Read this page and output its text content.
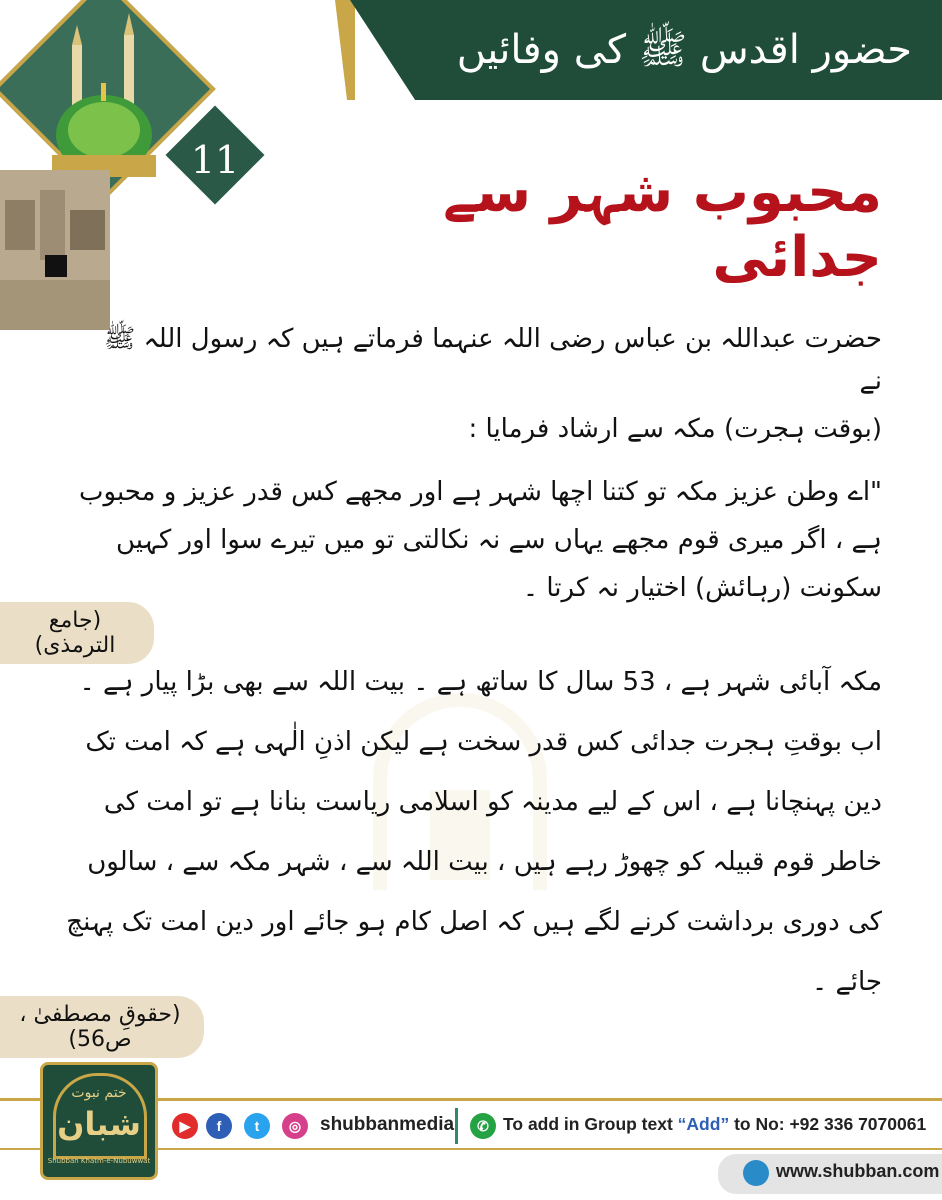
حضور اقدس ﷺ کی وفائیں
11	محبوب شہر سے جدائی
حضرت عبداللہ بن عباس رضی اللہ عنہما فرماتے ہیں کہ رسول اللہ ﷺ نے
(بوقت ہجرت) مکہ سے ارشاد فرمایا :
"اے وطن عزیز مکہ تو کتنا اچھا شہر ہے اور مجھے کس قدر عزیز و محبوب ہے ، اگر میری قوم مجھے یہاں سے نہ نکالتی تو میں تیرے سوا اور کہیں سکونت (رہائش) اختیار نہ کرتا ۔
(جامع الترمذی)
مکہ آبائی شہر ہے ، 53 سال کا ساتھ ہے ۔ بیت اللہ سے بھی بڑا پیار ہے ۔ اب بوقتِ ہجرت جدائی کس قدر سخت ہے لیکن اذنِ الٰہی ہے کہ امت تک دین پہنچانا ہے ، اس کے لیے مدینہ کو اسلامی ریاست بنانا ہے تو امت کی خاطر قوم قبیلہ کو چھوڑ رہے ہیں ، بیت اللہ سے ، شہر مکہ سے ، سالوں کی دوری برداشت کرنے لگے ہیں کہ اصل کام ہو جائے اور دین امت تک پہنچ جائے ۔
(حقوقِ مصطفیٰ ، ص56)
ختم نبوت
شبان
Shubban Khatm-e-Nubuwwat
▶	f	t	◎ shubbanmedia	✆ To add in Group text “Add” to No: +92 336 7070061
www.shubban.com
